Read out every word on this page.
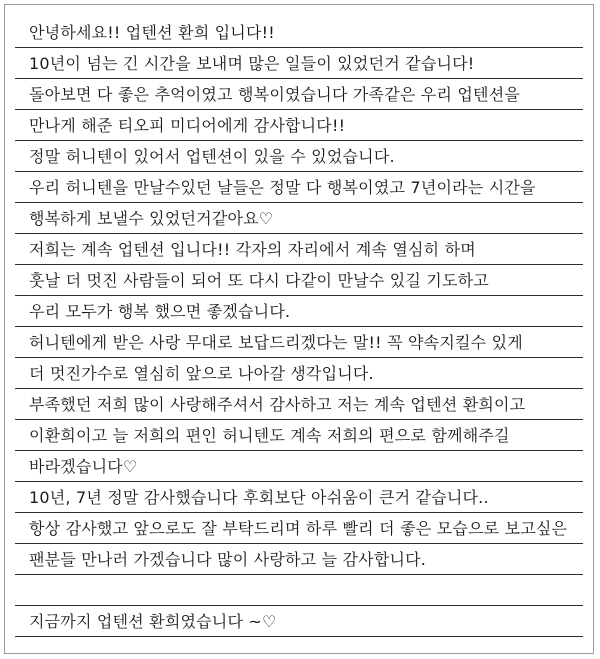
안녕하세요!! 업텐션 환희 입니다!!
10년이 넘는 긴 시간을 보내며 많은 일들이 있었던거 같습니다!
돌아보면 다 좋은 추억이였고 행복이였습니다 가족같은 우리 업텐션을
만나게 해준 티오피 미디어에게 감사합니다!!
정말 허니텐이 있어서 업텐션이 있을 수 있었습니다.
우리 허니텐을 만날수있던 날들은 정말 다 행복이였고 7년이라는 시간을
행복하게 보낼수 있었던거같아요♡
저희는 계속 업텐션 입니다!! 각자의 자리에서 계속 열심히 하며
훗날 더 멋진 사람들이 되어 또 다시 다같이 만날수 있길 기도하고
우리 모두가 행복 했으면 좋겠습니다.
허니텐에게 받은 사랑 무대로 보답드리겠다는 말!! 꼭 약속지킬수 있게
더 멋진가수로 열심히 앞으로 나아갈 생각입니다.
부족했던 저희 많이 사랑해주셔서 감사하고 저는 계속 업텐션 환희이고
이환희이고 늘 저희의 편인 허니텐도 계속 저희의 편으로 함께해주길
바라겠습니다♡
10년, 7년 정말 감사했습니다 후회보단 아쉬움이 큰거 같습니다..
항상 감사했고 앞으로도 잘 부탁드리며 하루 빨리 더 좋은 모습으로 보고싶은
팬분들 만나러 가겠습니다 많이 사랑하고 늘 감사합니다.
지금까지 업텐션 환희였습니다 ~♡
